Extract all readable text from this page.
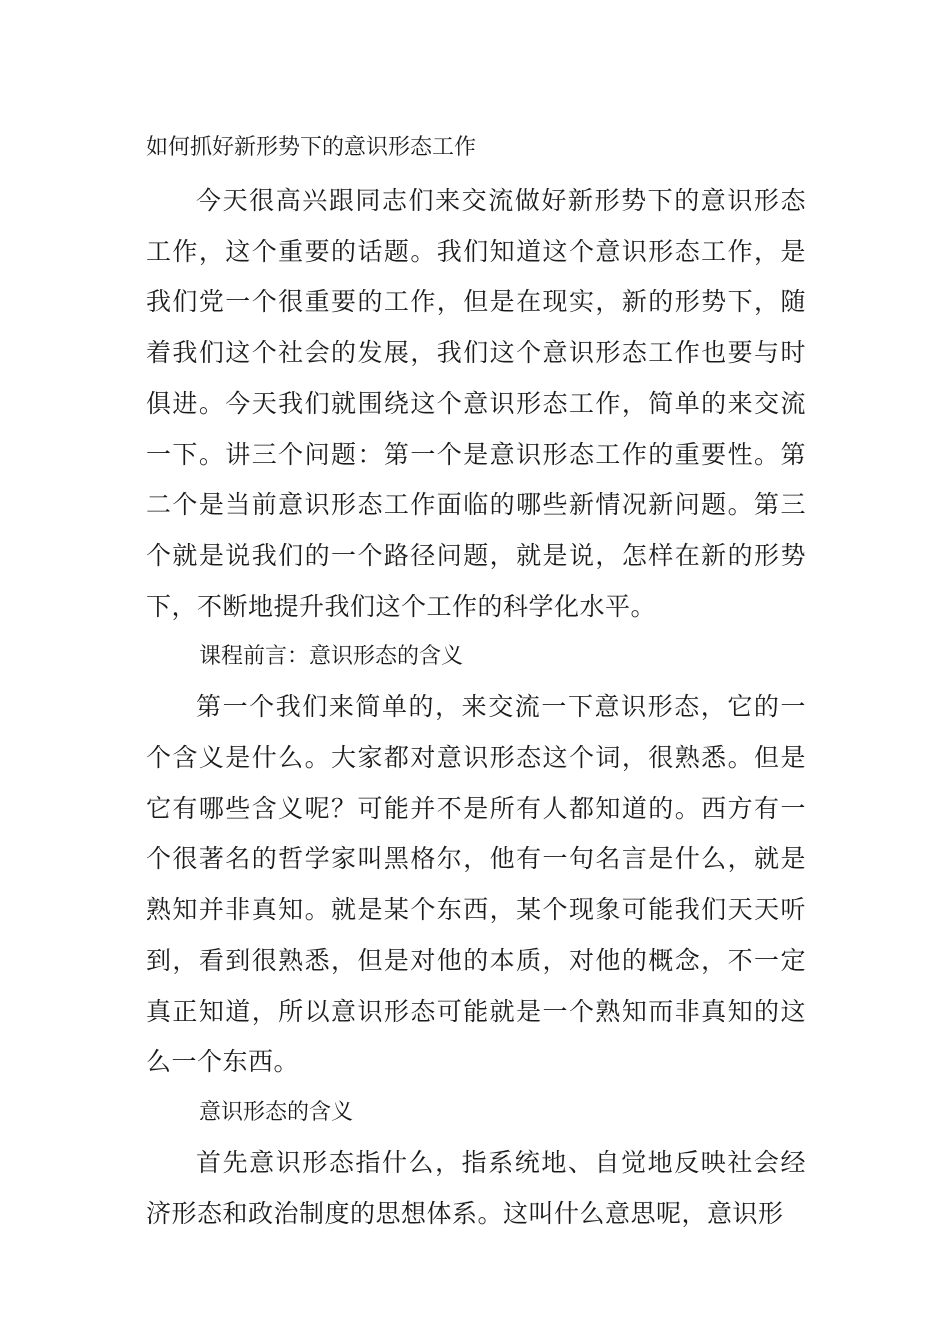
如何抓好新形势下的意识形态工作

今天很高兴跟同志们来交流做好新形势下的意识形态工作，这个重要的话题。我们知道这个意识形态工作，是我们党一个很重要的工作，但是在现实，新的形势下，随着我们这个社会的发展，我们这个意识形态工作也要与时俱进。今天我们就围绕这个意识形态工作，简单的来交流一下。讲三个问题：第一个是意识形态工作的重要性。第二个是当前意识形态工作面临的哪些新情况新问题。第三个就是说我们的一个路径问题，就是说，怎样在新的形势下，不断地提升我们这个工作的科学化水平。

课程前言：意识形态的含义

第一个我们来简单的，来交流一下意识形态，它的一个含义是什么。大家都对意识形态这个词，很熟悉。但是它有哪些含义呢？可能并不是所有人都知道的。西方有一个很著名的哲学家叫黑格尔，他有一句名言是什么，就是熟知并非真知。就是某个东西，某个现象可能我们天天听到，看到很熟悉，但是对他的本质，对他的概念，不一定真正知道，所以意识形态可能就是一个熟知而非真知的这么一个东西。

意识形态的含义

首先意识形态指什么，指系统地、自觉地反映社会经济形态和政治制度的思想体系。这叫什么意思呢，意识形
